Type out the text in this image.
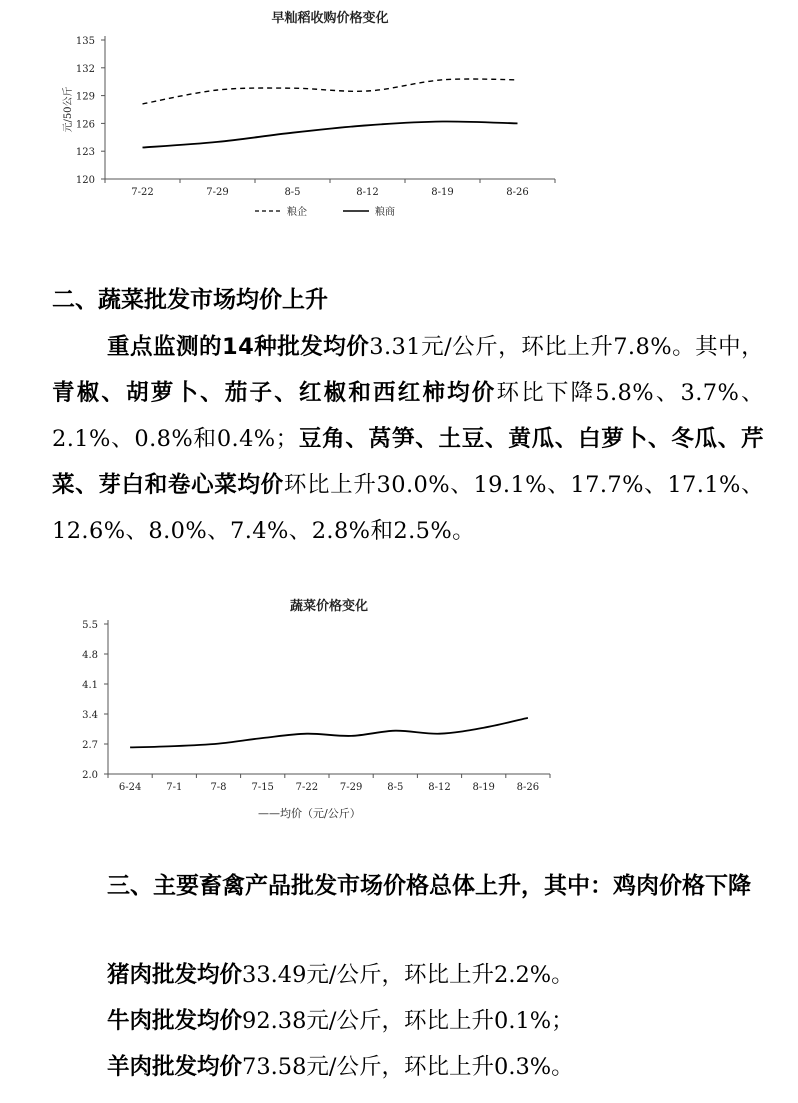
早籼稻收购价格变化
120
123
126
129
132
135
7-22	7-29	8-5	8-12	8-19	8-26
元/50公斤
粮企	粮商
二、蔬菜批发市场均价上升

重点监测的14种批发均价3.31元/公斤，环比上升7.8%。其中，青椒、胡萝卜、茄子、红椒和西红柿均价环比下降5.8%、3.7%、2.1%、0.8%和0.4%；豆角、莴笋、土豆、黄瓜、白萝卜、冬瓜、芹菜、芽白和卷心菜均价环比上升30.0%、19.1%、17.7%、17.1%、12.6%、8.0%、7.4%、2.8%和2.5%。

蔬菜价格变化
2.0
2.7
3.4
4.1
4.8
5.5
6-24 7-1	7-8 7-15 7-22 7-29 8-5 8-12 8-19 8-26
——均价（元/公斤）
三、主要畜禽产品批发市场价格总体上升，其中：鸡肉价格下降

猪肉批发均价33.49元/公斤，环比上升2.2%。

牛肉批发均价92.38元/公斤，环比上升0.1%；

羊肉批发均价73.58元/公斤，环比上升0.3%。
